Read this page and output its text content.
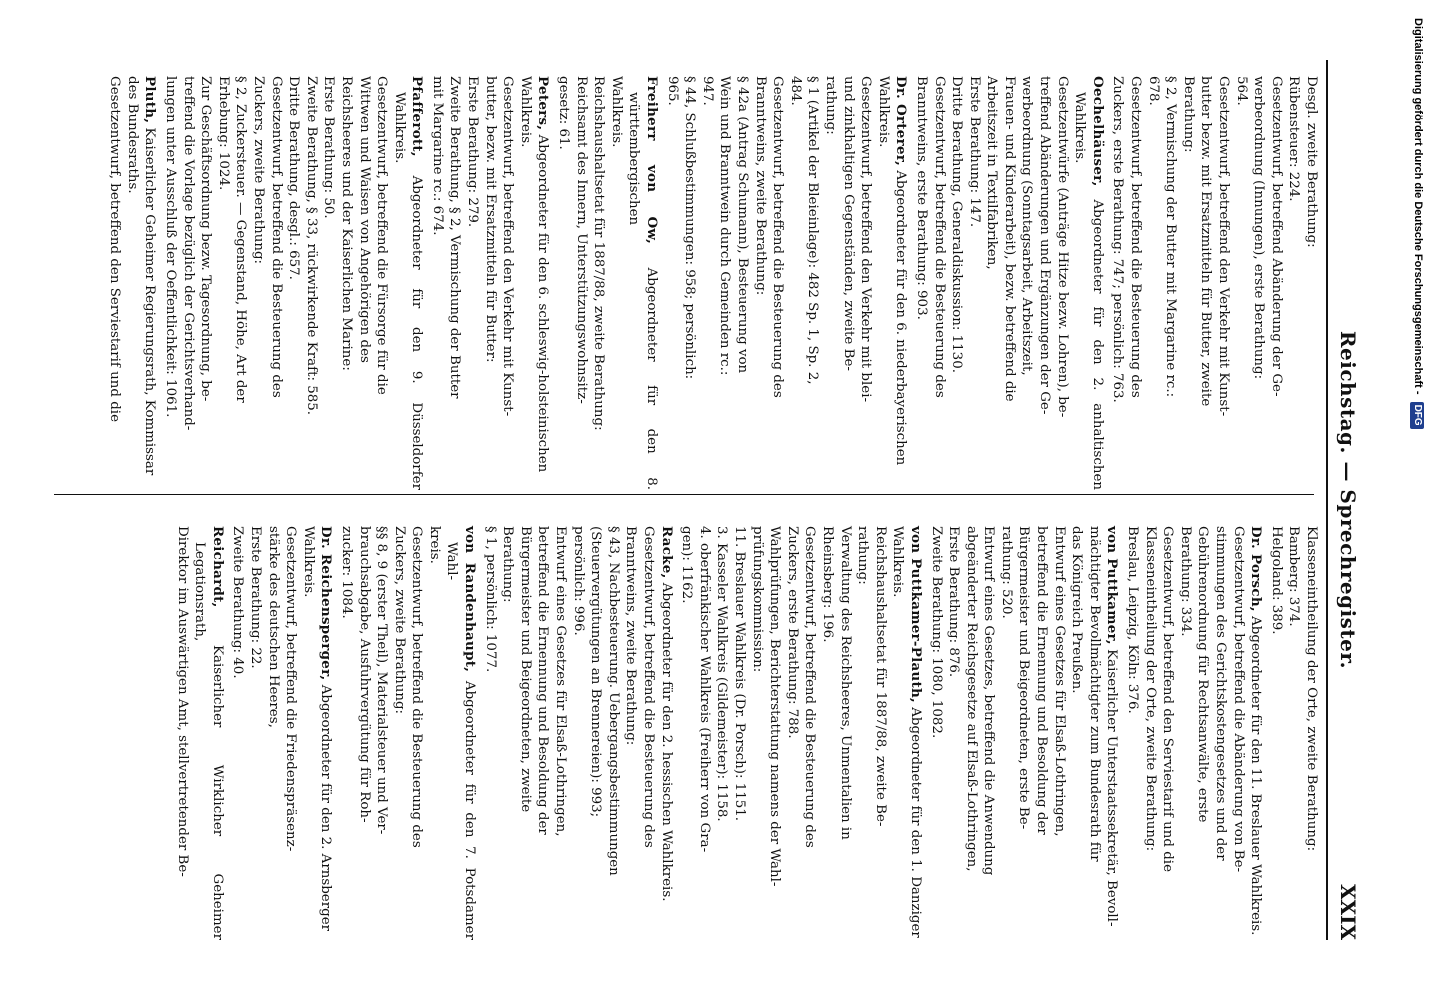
Digitalisierung gefördert durch die Deutsche Forschungsgemeinschaft - DFG
Reichstag. — Sprechregister.
XXIX
Desgl. zweite Berathung:
Rübensteuer: 224.
Gesetzentwurf, betreffend Abänderung der Ge-
werbeordnung (Innungen), erste Berathung:
564.
Gesetzentwurf, betreffend den Verkehr mit Kunst-
butter bezw. mit Ersatzmitteln für Butter, zweite
Berathung:
§ 2, Vermischung der Butter mit Margarine rc.:
678.
Gesetzentwurf, betreffend die Besteuerung des
Zuckers, erste Berathung: 747; persönlich: 763.
Oechelhäuser, Abgeordneter für den 2. anhaltischen Wahlkreis.
Gesetzentwürfe (Anträge Hitze bezw. Lohren), be-
treffend Abänderungen und Ergänzungen der Ge-
werbeordnung (Sonntagsarbeit, Arbeitszeit,
Frauen- und Kinderarbeit), bezw. betreffend die
Arbeitszeit in Textilfabriken,
Erste Berathung: 147.
Dritte Berathung, Generaldiskussion: 1130.
Gesetzentwurf, betreffend die Besteuerung des
Branntweins, erste Berathung: 903.
Dr. Orterer, Abgeordneter für den 6. niederbayerischen
Wahlkreis.
Gesetzentwurf, betreffend den Verkehr mit blei-
und zinkhaltigen Gegenständen, zweite Be-
rathung:
§ 1 (Artikel der Bleieinlage): 482 Sp. 1, Sp. 2,
484.
Gesetzentwurf, betreffend die Besteuerung des
Branntweins, zweite Berathung:
§ 42a (Antrag Schumann), Besteuerung von
Wein und Branntwein durch Gemeinden rc.:
947.
§ 44, Schlußbestimmungen: 958; persönlich:
965.
Freiherr von Ow, Abgeordneter für den 8. württembergischen
Wahlkreis.
Reichshaushaltsetat für 1887/88, zweite Berathung:
Reichsamt des Innern, Unterstützungswohnsitz-
gesetz: 61.
Peters, Abgeordneter für den 6. schleswig-holsteinischen
Wahlkreis.
Gesetzentwurf, betreffend den Verkehr mit Kunst-
butter, bezw. mit Ersatzmitteln für Butter:
Erste Berathung: 279.
Zweite Berathung, § 2, Vermischung der Butter
mit Margarine rc.: 674.
Pfafferott, Abgeordneter für den 9. Düsseldorfer Wahlkreis.
Gesetzentwurf, betreffend die Fürsorge für die
Wittwen und Waisen von Angehörigen des
Reichsheeres und der Kaiserlichen Marine:
Erste Berathung: 50.
Zweite Berathung, § 33, rückwirkende Kraft: 585.
Dritte Berathung, desgl.: 657.
Gesetzentwurf, betreffend die Besteuerung des
Zuckers, zweite Berathung:
§ 2, Zuckersteuer. — Gegenstand, Höhe, Art der
Erhebung: 1024.
Zur Geschäftsordnung bezw. Tagesordnung, be-
treffend die Vorlage bezüglich der Gerichtsverhand-
lungen unter Ausschluß der Oeffentlichkeit: 1061.
Pluth, Kaiserlicher Geheimer Regierungsrath, Kommissar
des Bundesraths.
Gesetzentwurf, betreffend den Serviestarif und die
Klasseneintheilung der Orte, zweite Berathung:
Bamberg: 374.
Helgoland: 389.
Dr. Porsch, Abgeordneter für den 11. Breslauer Wahlkreis.
Gesetzentwurf, betreffend die Abänderung von Be-
stimmungen des Gerichtskostengesetzes und der
Gebührenordnung für Rechtsanwälte, erste
Berathung: 334.
Gesetzentwurf, betreffend den Serviestarif und die
Klasseneintheilung der Orte, zweite Berathung:
Breslau, Leipzig, Köln: 376.
von Puttkamer, Kaiserlicher Unterstaatssekretär, Bevoll-
mächtigter Bevollmächtigter zum Bundesrath für
das Königreich Preußen.
Entwurf eines Gesetzes für Elsaß-Lothringen,
betreffend die Ernennung und Besoldung der
Bürgermeister und Beigeordneten, erste Be-
rathung: 520.
Entwurf eines Gesetzes, betreffend die Anwendung
abgeänderter Reichsgesetze auf Elsaß-Lothringen,
Erste Berathung: 876.
Zweite Berathung: 1080, 1082.
von Puttkamer-Plauth, Abgeordneter für den 1. Danziger
Wahlkreis.
Reichshaushaltsetat für 1887/88, zweite Be-
rathung:
Verwaltung des Reichsheeres, Unmentalien in
Rheinsberg: 196.
Gesetzentwurf, betreffend die Besteuerung des
Zuckers, erste Berathung: 788.
Wahlprüfungen, Berichterstattung namens der Wahl-
prüfungskommission:
11. Breslauer Wahlkreis (Dr. Porsch): 1151.
3. Kasseler Wahlkreis (Gildemeister): 1158.
4. oberfränkischer Wahlkreis (Freiherr von Gra-
gen): 1162.
Racke, Abgeordneter für den 2. hessischen Wahlkreis.
Gesetzentwurf, betreffend die Besteuerung des
Branntweins, zweite Berathung:
§ 43, Nachbesteuerung. Uebergangsbestimmungen
(Steuervergütungen an Brennereien): 993;
persönlich: 996.
Entwurf eines Gesetzes für Elsaß-Lothringen,
betreffend die Ernennung und Besoldung der
Bürgermeister und Beigeordneten, zweite
Berathung:
§ 1, persönlich: 1077.
von Randenhaupt, Abgeordneter für den 7. Potsdamer Wahl-
kreis.
Gesetzentwurf, betreffend die Besteuerung des
Zuckers, zweite Berathung:
§§ 8, 9 (erster Theil), Materialsteuer und Ver-
brauchsabgabe, Ausfuhrvergütung für Roh-
zucker: 1084.
Dr. Reichensperger, Abgeordneter für den 2. Arnsberger
Wahlkreis.
Gesetzentwurf, betreffend die Friedenspräsenz-
stärke des deutschen Heeres,
Erste Berathung: 22.
Zweite Berathung: 40.
Reichardt, Kaiserlicher Wirklicher Geheimer Legationsrath,
Direktor im Auswärtigen Amt, stellvertretender Be-
